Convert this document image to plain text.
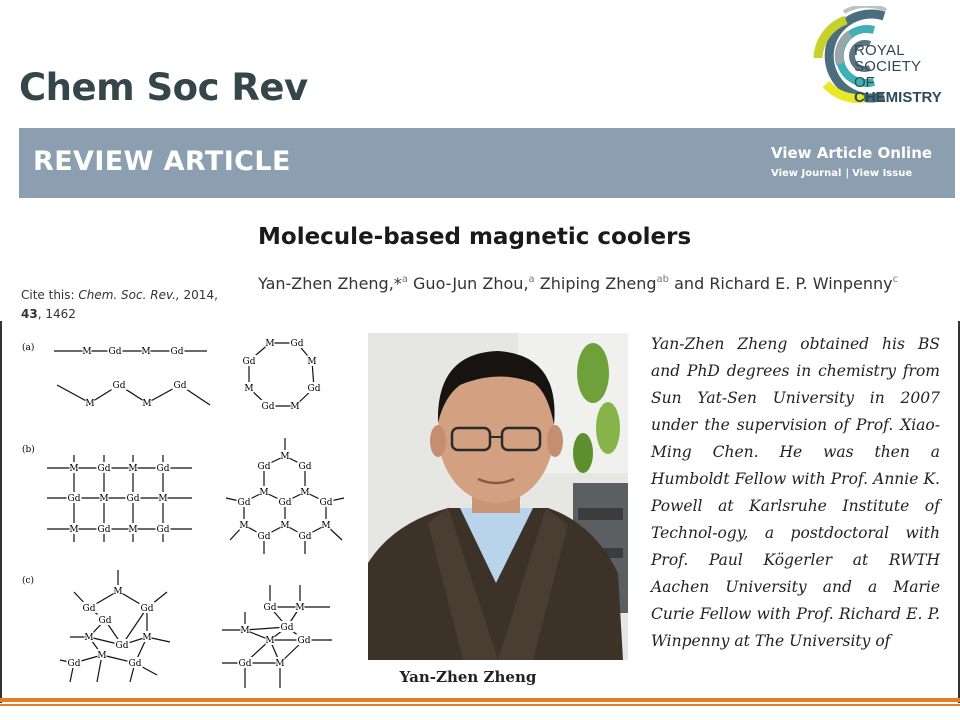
Chem Soc Rev
ROYAL SOCIETY
OF CHEMISTRY
REVIEW ARTICLE	View Article Online
View Journal | View Issue
Molecule-based magnetic coolers
Yan-Zhen Zheng,*$^a$ Guo-Jun Zhou,$^a$ Zhiping Zheng$^{ab}$ and Richard E. P. Winpenny$^c$
Cite this: Chem. Soc. Rev., 2014,
43, 1462
(a)
(b)
(c)
M Gd M Gd
M
Gd
M
Gd
M Gd
M
Gd
M
Gd
M
Gd
M Gd M Gd
Gd M Gd M
M Gd M Gd
Gd
M
Gd
M
Gd
M
Gd	Gd
M
Gd
M
Gd
M
M
Gd	Gd
Gd
M
Gd
M
M
Gd	Gd
Gd M
Gd
M
M	Gd
Gd	M
Yan-Zhen Zheng

Yan-Zhen Zheng obtained his BS and PhD degrees in chemistry from Sun Yat-Sen University in 2007 under the supervision of Prof. Xiao-Ming Chen. He was then a Humboldt Fellow with Prof. Annie K. Powell at Karlsruhe Institute of Technol-ogy, a postdoctoral with Prof. Paul Kögerler at RWTH Aachen University and a Marie Curie Fellow with Prof. Richard E. P. Winpenny at The University of
